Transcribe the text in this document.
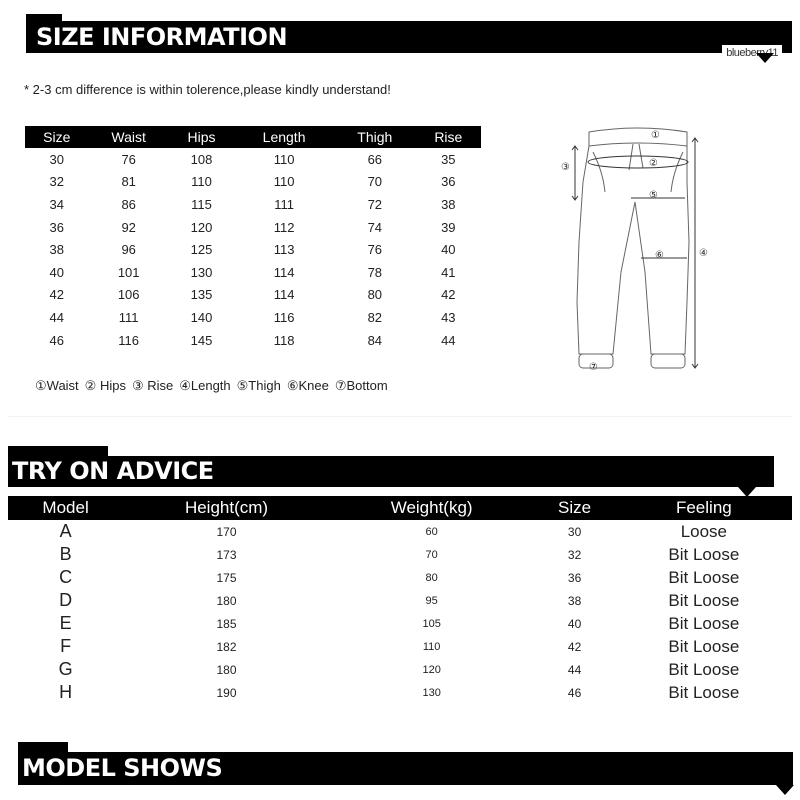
SIZE INFORMATION
blueberry11
* 2-3 cm difference is within tolerence,please kindly understand!
Size	Waist	Hips	Length	Thigh	Rise
30	76	108	110	66	35
32	81	110	110	70	36
34	86	115	111	72	38
36	92	120	112	74	39
38	96	125	113	76	40
40	101	130	114	78	41
42	106	135	114	80	42
44	111	140	116	82	43
46	116	145	118	84	44
①Waist ② Hips ③ Rise ④Length ⑤Thigh ⑥Knee ⑦Bottom
①
②
③
④
⑤
⑥
⑦
TRY ON ADVICE
Model	Height(cm)	Weight(kg)	Size	Feeling
A	170	60	30	Loose
B	173	70	32	Bit Loose
C	175	80	36	Bit Loose
D	180	95	38	Bit Loose
E	185	105	40	Bit Loose
F	182	110	42	Bit Loose
G	180	120	44	Bit Loose
H	190	130	46	Bit Loose
MODEL SHOWS
